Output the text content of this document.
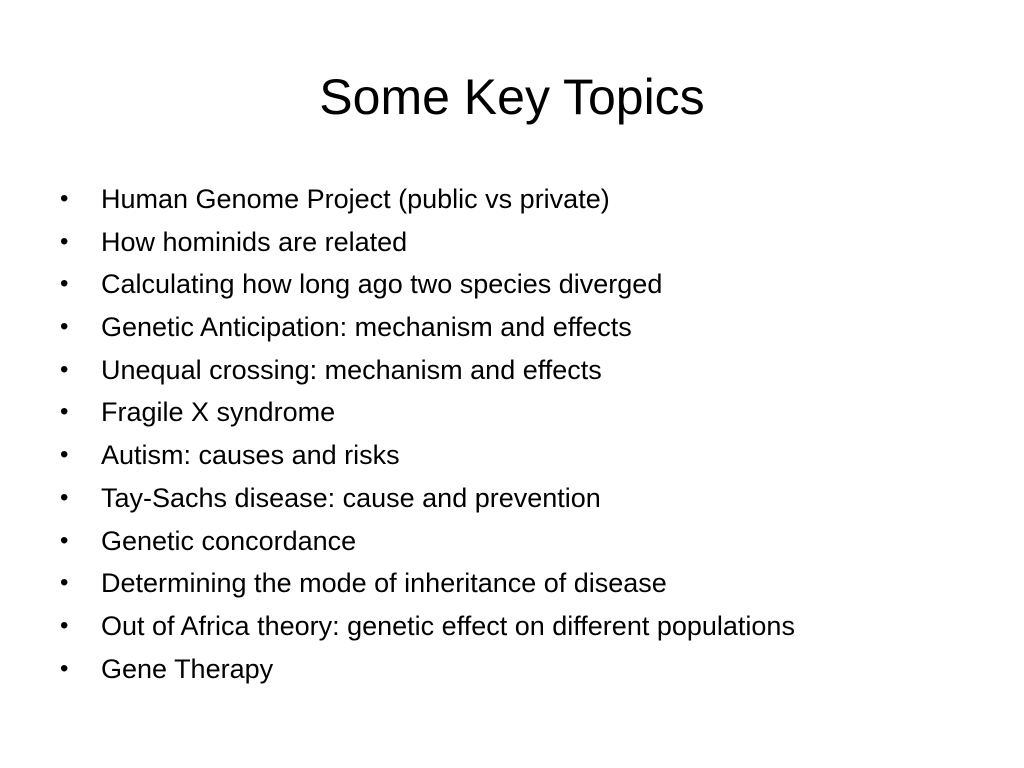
Some Key Topics
•	Human Genome Project (public vs private)
•	How hominids are related
•	Calculating how long ago two species diverged
•	Genetic Anticipation: mechanism and effects
•	Unequal crossing: mechanism and effects
•	Fragile X syndrome
•	Autism: causes and risks
•	Tay-Sachs disease: cause and prevention
•	Genetic concordance
•	Determining the mode of inheritance of disease
•	Out of Africa theory: genetic effect on different populations
•	Gene Therapy
